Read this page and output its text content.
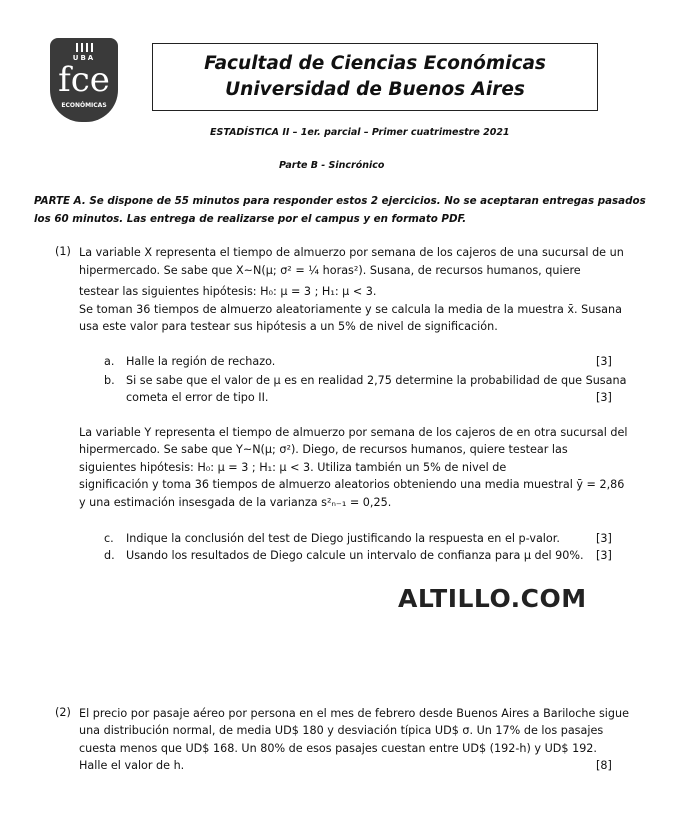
UBA
fce
ECONÓMICAS
Facultad de Ciencias Económicas
Universidad de Buenos Aires
ESTADÍSTICA II – 1er. parcial – Primer cuatrimestre 2021
Parte B - Sincrónico
PARTE A. Se dispone de 55 minutos para responder estos 2 ejercicios. No se aceptaran entregas pasados los 60 minutos. Las entrega de realizarse por el campus y en formato PDF.
(1) La variable X representa el tiempo de almuerzo por semana de los cajeros de una sucursal de un
hipermercado. Se sabe que X~N(μ; σ² = ¼ horas²). Susana, de recursos humanos, quiere
testear las siguientes hipótesis: H₀: μ = 3 ; H₁: μ < 3.
Se toman 36 tiempos de almuerzo aleatoriamente y se calcula la media de la muestra x̄. Susana
usa este valor para testear sus hipótesis a un 5% de nivel de significación.
a. Halle la región de rechazo.	[3]
b. Si se sabe que el valor de μ es en realidad 2,75 determine la probabilidad de que Susana
cometa el error de tipo II.	[3]
La variable Y representa el tiempo de almuerzo por semana de los cajeros de en otra sucursal del
hipermercado. Se sabe que Y~N(μ; σ²). Diego, de recursos humanos, quiere testear las
siguientes hipótesis: H₀: μ = 3 ; H₁: μ < 3. Utiliza también un 5% de nivel de
significación y toma 36 tiempos de almuerzo aleatorios obteniendo una media muestral ȳ = 2,86
y una estimación insesgada de la varianza s²ₙ₋₁ = 0,25.
c. Indique la conclusión del test de Diego justificando la respuesta en el p-valor.	[3]
d. Usando los resultados de Diego calcule un intervalo de confianza para μ del 90%. [3]
ALTILLO.COM
(2) El precio por pasaje aéreo por persona en el mes de febrero desde Buenos Aires a Bariloche sigue
una distribución normal, de media UD$ 180 y desviación típica UD$ σ. Un 17% de los pasajes
cuesta menos que UD$ 168. Un 80% de esos pasajes cuestan entre UD$ (192-h) y UD$ 192.
Halle el valor de h.	[8]
